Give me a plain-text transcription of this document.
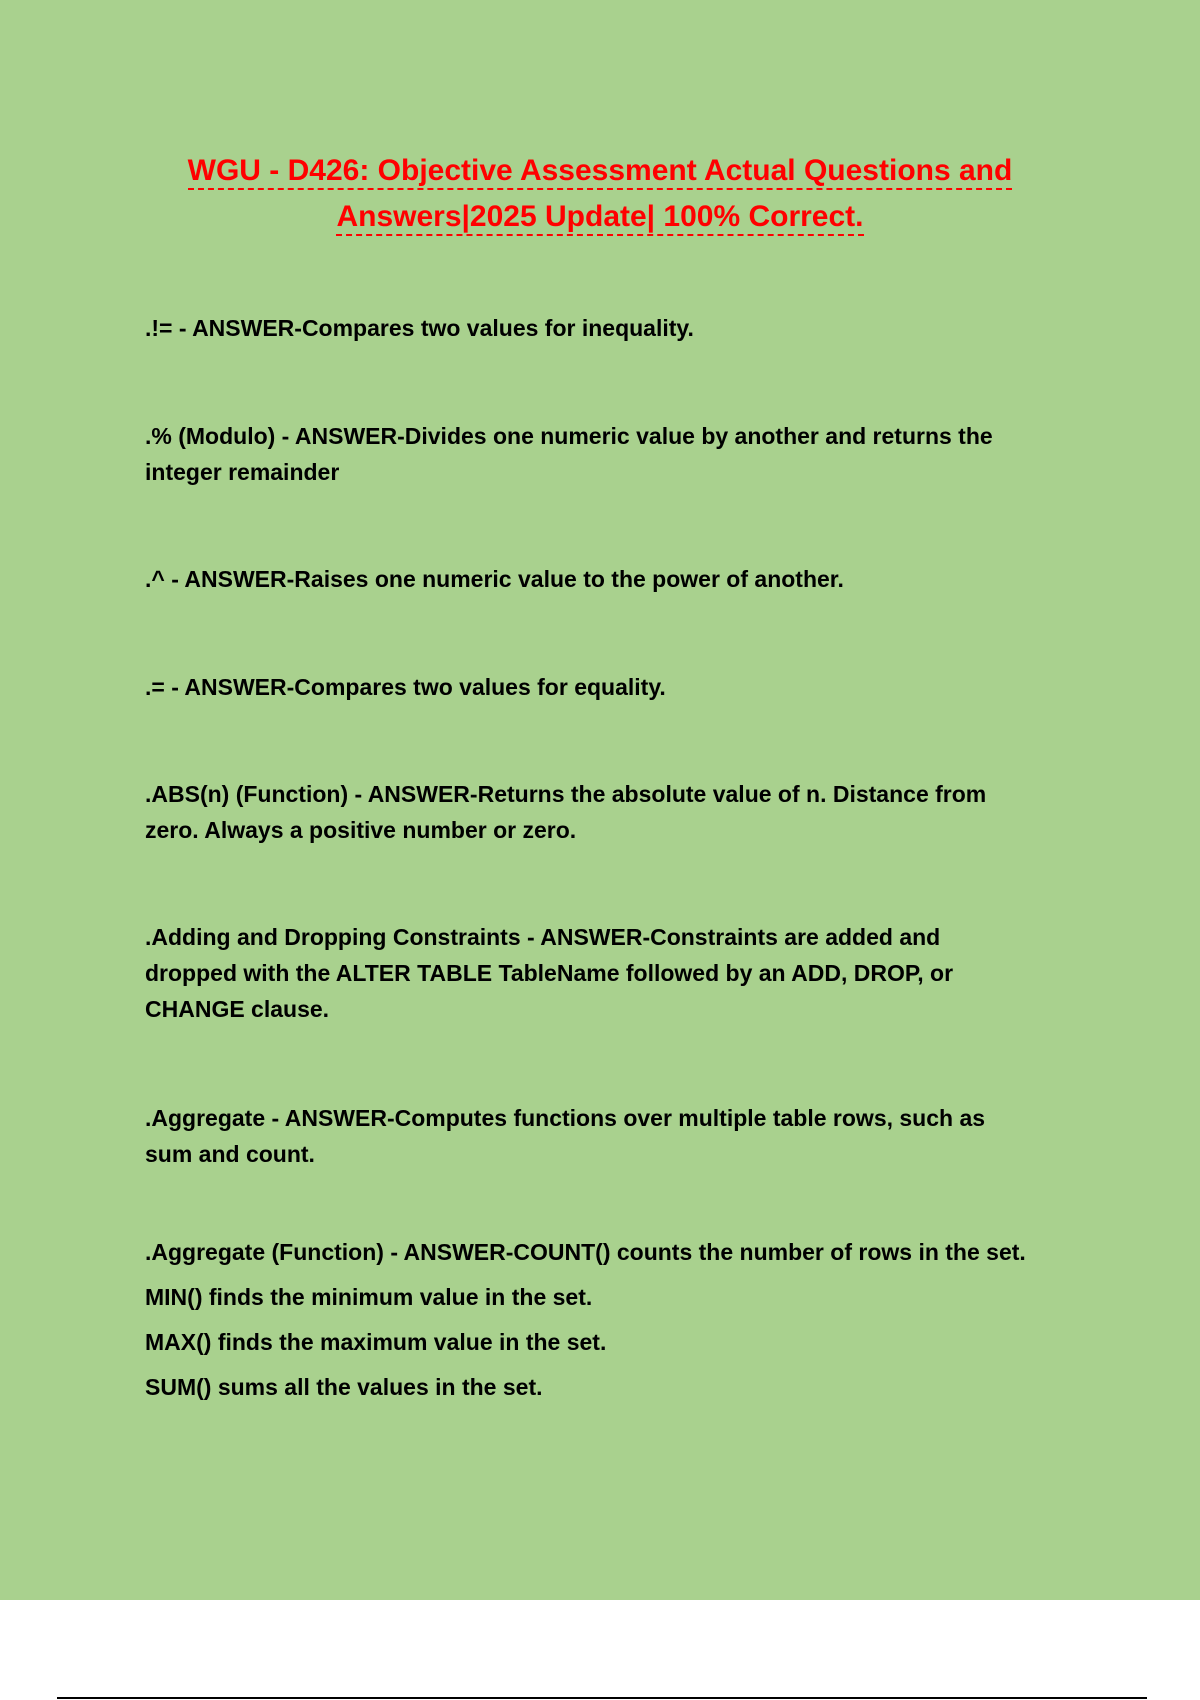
WGU - D426: Objective Assessment Actual Questions and
Answers|2025 Update| 100% Correct.

.!= - ANSWER-Compares two values for inequality.

.% (Modulo) - ANSWER-Divides one numeric value by another and returns the
integer remainder

.^ - ANSWER-Raises one numeric value to the power of another.

.= - ANSWER-Compares two values for equality.

.ABS(n) (Function) - ANSWER-Returns the absolute value of n. Distance from
zero. Always a positive number or zero.

.Adding and Dropping Constraints - ANSWER-Constraints are added and
dropped with the ALTER TABLE TableName followed by an ADD, DROP, or
CHANGE clause.

.Aggregate - ANSWER-Computes functions over multiple table rows, such as
sum and count.

.Aggregate (Function) - ANSWER-COUNT() counts the number of rows in the set.
MIN() finds the minimum value in the set.
MAX() finds the maximum value in the set.
SUM() sums all the values in the set.
